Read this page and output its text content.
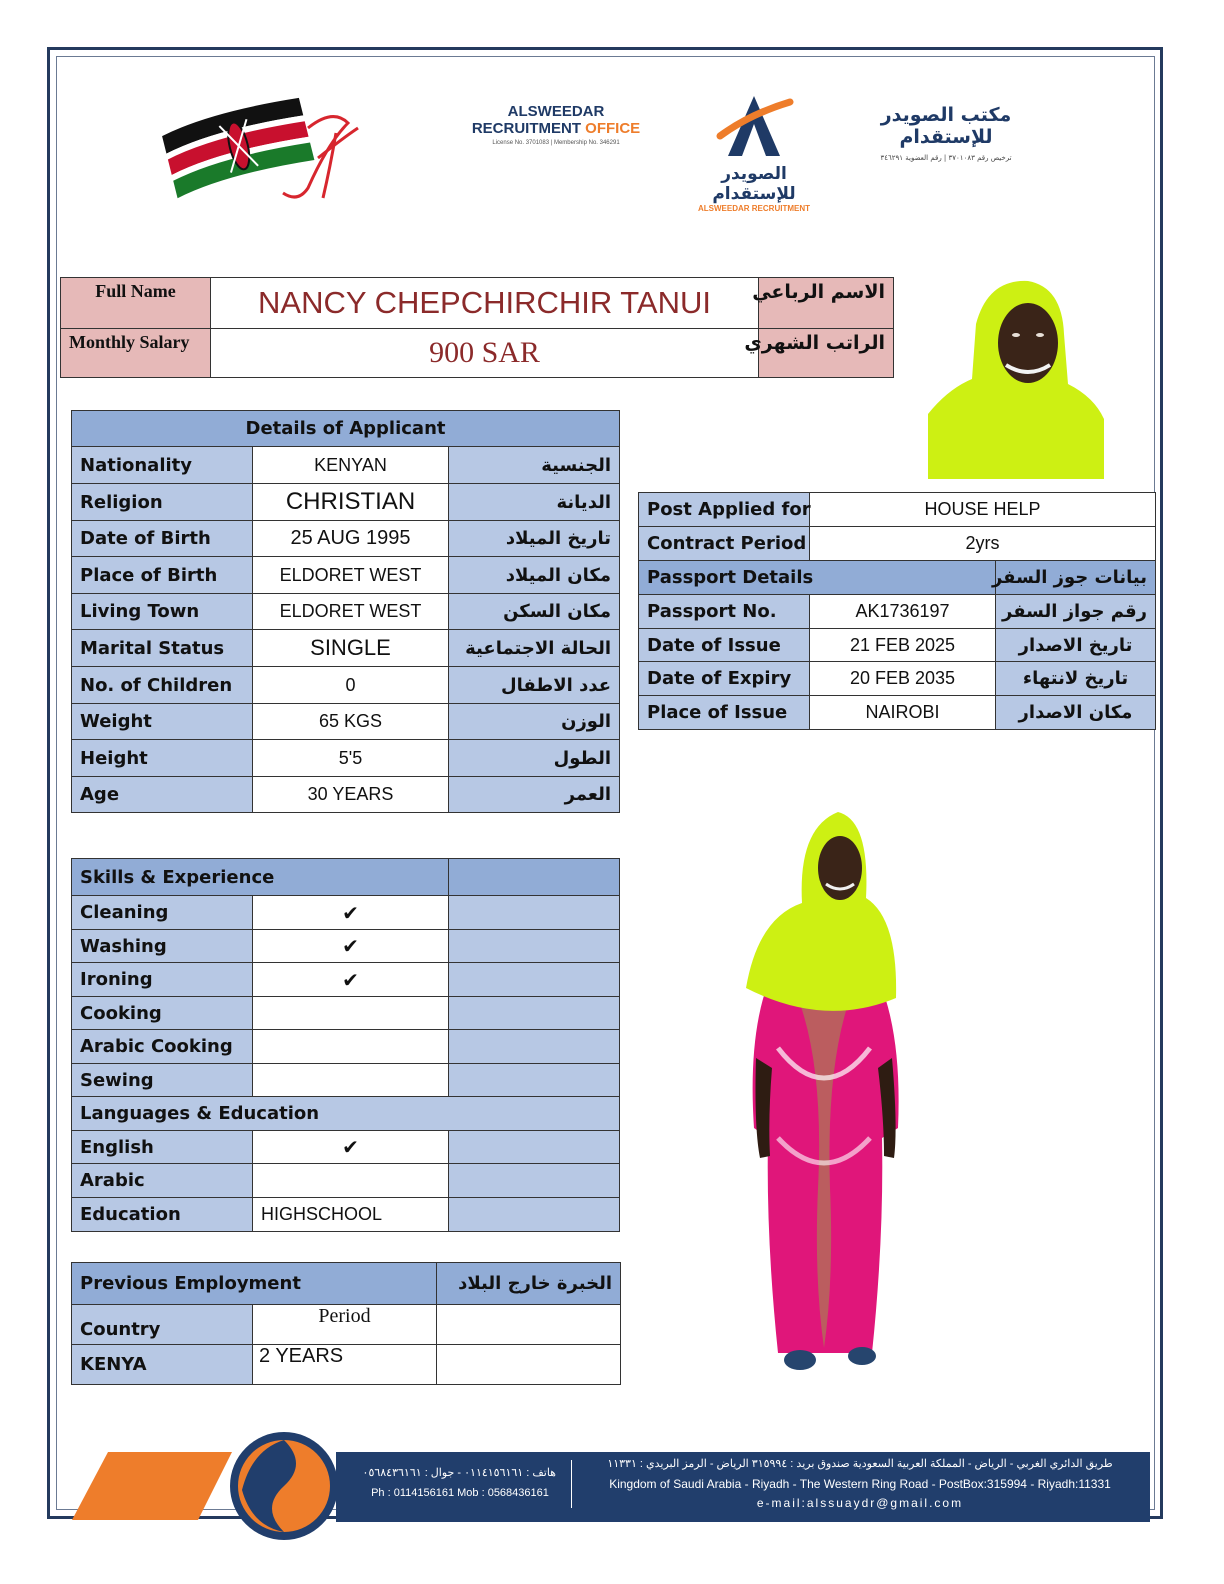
ALSWEEDAR
RECRUITMENT OFFICE
License No. 3701083 | Membership No. 346291
الصويدر للإستقدام
ALSWEEDAR RECRUITMENT
مكتب الصويدر للإستقدام
ترخيص رقم ٣٧٠١٠٨٣ | رقم العضوية ٣٤٦٢٩١
Full Name	NANCY CHEPCHIRCHIR TANUI	الاسم الرباعي
Monthly Salary	900 SAR	الراتب الشهري
Details of Applicant		
Nationality	KENYAN	الجنسية
Religion	CHRISTIAN	الديانة
Date of Birth	25 AUG 1995	تاريخ الميلاد
Place of Birth	ELDORET WEST	مكان الميلاد
Living Town	ELDORET WEST	مكان السكن
Marital Status	SINGLE	الحالة الاجتماعية
No. of Children	0	عدد الاطفال
Weight	65 KGS	الوزن
Height	5'5	الطول
Age	30 YEARS	العمر
Post Applied for	HOUSE HELP	
Contract Period	2yrs	
Passport Details		بيانات جوز السفر
Passport No.	AK1736197	رقم جواز السفر
Date of Issue	21 FEB 2025	تاريخ الاصدار
Date of Expiry	20 FEB 2035	تاريخ لانتهاء
Place of Issue	NAIROBI	مكان الاصدار
Skills & Experience		
Cleaning	✔	
Washing	✔	
Ironing	✔	
Cooking		
Arabic Cooking		
Sewing		
Languages & Education		
English	✔	
Arabic		
Education	HIGHSCHOOL	
Previous Employment		الخبرة خارج البلاد
Country	Period	
KENYA	2 YEARS	
هاتف : ٠١١٤١٥٦١٦١ - جوال : ٠٥٦٨٤٣٦١٦١
Ph : 0114156161 Mob : 0568436161
طريق الدائري الغربي - الرياض - المملكة العربية السعودية صندوق بريد : ٣١٥٩٩٤ الرياض - الرمز البريدي : ١١٣٣١
Kingdom of Saudi Arabia - Riyadh - The Western Ring Road - PostBox:315994 - Riyadh:11331
e-mail:alssuaydr@gmail.com
